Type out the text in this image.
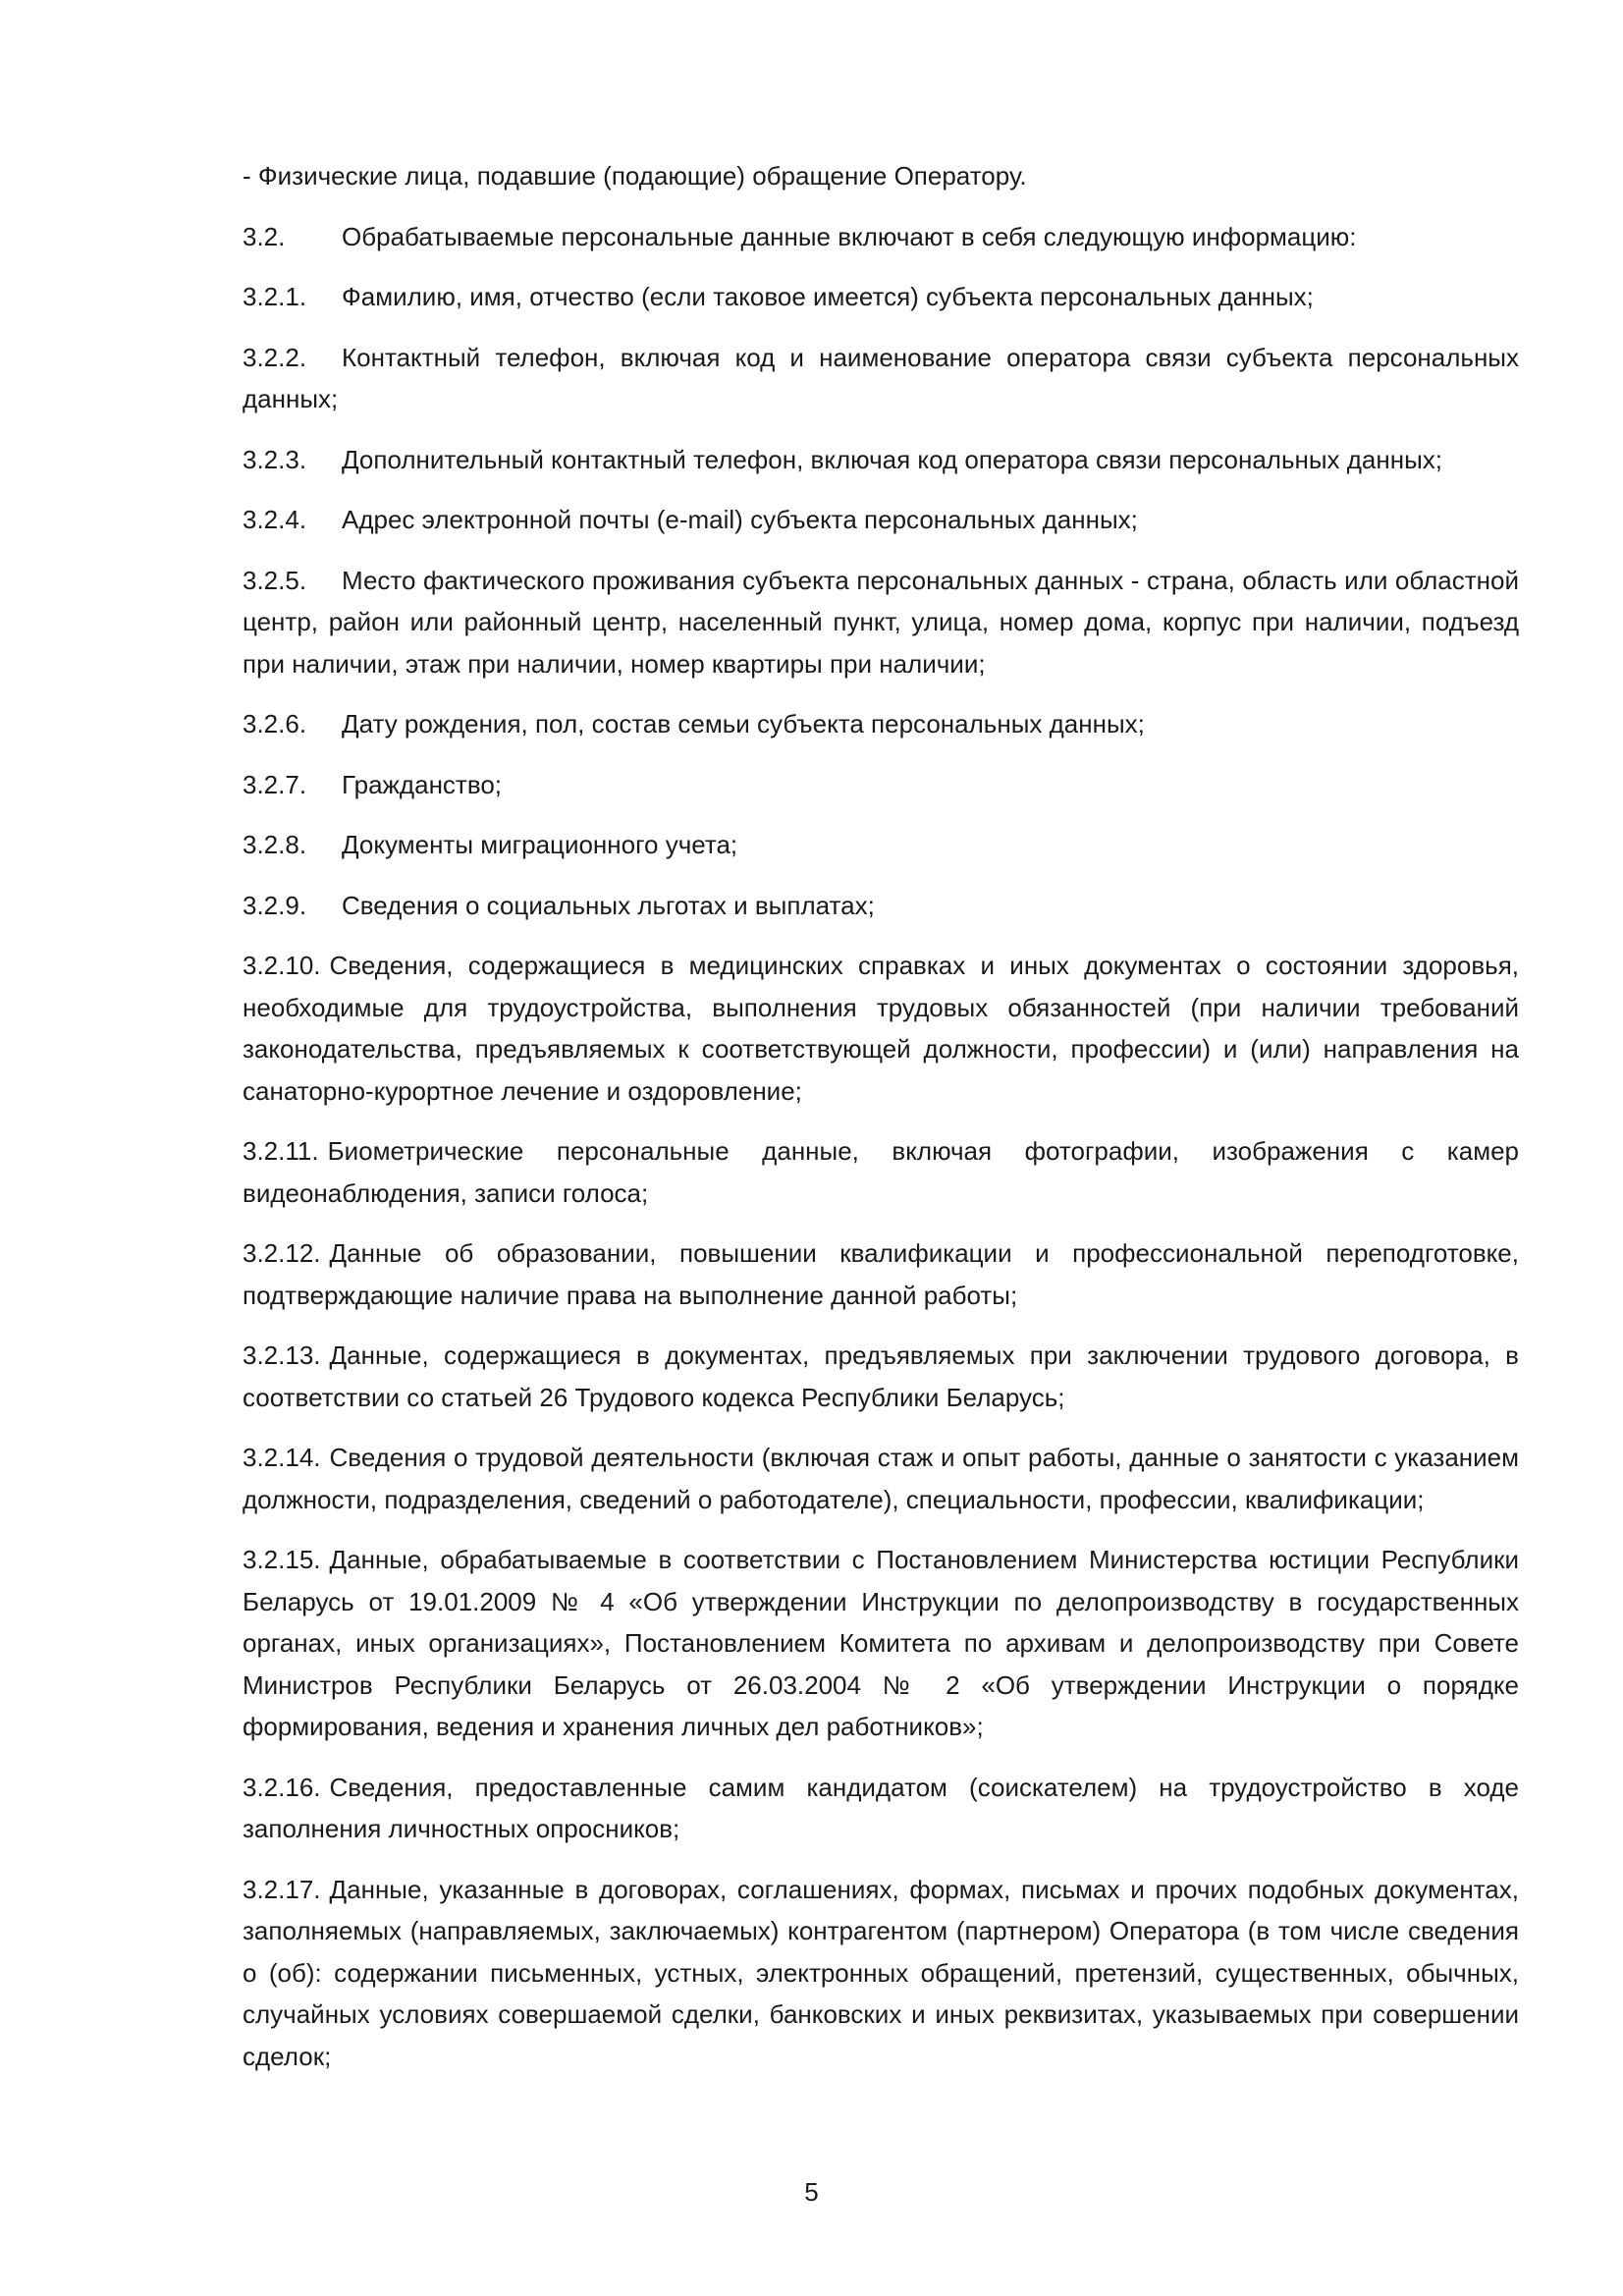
- Физические лица, подавшие (подающие) обращение Оператору.

3.2. Обрабатываемые персональные данные включают в себя следующую информацию:

3.2.1. Фамилию, имя, отчество (если таковое имеется) субъекта персональных данных;

3.2.2. Контактный телефон, включая код и наименование оператора связи субъекта персональных данных;

3.2.3. Дополнительный контактный телефон, включая код оператора связи персональных данных;

3.2.4. Адрес электронной почты (e-mail) субъекта персональных данных;

3.2.5. Место фактического проживания субъекта персональных данных - страна, область или областной центр, район или районный центр, населенный пункт, улица, номер дома, корпус при наличии, подъезд при наличии, этаж при наличии, номер квартиры при наличии;

3.2.6. Дату рождения, пол, состав семьи субъекта персональных данных;

3.2.7. Гражданство;

3.2.8. Документы миграционного учета;

3.2.9. Сведения о социальных льготах и выплатах;

3.2.10. Сведения, содержащиеся в медицинских справках и иных документах о состоянии здоровья, необходимые для трудоустройства, выполнения трудовых обязанностей (при наличии требований законодательства, предъявляемых к соответствующей должности, профессии) и (или) направления на санаторно-курортное лечение и оздоровление;

3.2.11. Биометрические персональные данные, включая фотографии, изображения с камер видеонаблюдения, записи голоса;

3.2.12. Данные об образовании, повышении квалификации и профессиональной переподготовке, подтверждающие наличие права на выполнение данной работы;

3.2.13. Данные, содержащиеся в документах, предъявляемых при заключении трудового договора, в соответствии со статьей 26 Трудового кодекса Республики Беларусь;

3.2.14. Сведения о трудовой деятельности (включая стаж и опыт работы, данные о занятости с указанием должности, подразделения, сведений о работодателе), специальности, профессии, квалификации;

3.2.15. Данные, обрабатываемые в соответствии с Постановлением Министерства юстиции Республики Беларусь от 19.01.2009 № 4 «Об утверждении Инструкции по делопроизводству в государственных органах, иных организациях», Постановлением Комитета по архивам и делопроизводству при Совете Министров Республики Беларусь от 26.03.2004 № 2 «Об утверждении Инструкции о порядке формирования, ведения и хранения личных дел работников»;

3.2.16. Сведения, предоставленные самим кандидатом (соискателем) на трудоустройство в ходе заполнения личностных опросников;

3.2.17. Данные, указанные в договорах, соглашениях, формах, письмах и прочих подобных документах, заполняемых (направляемых, заключаемых) контрагентом (партнером) Оператора (в том числе сведения о (об): содержании письменных, устных, электронных обращений, претензий, существенных, обычных, случайных условиях совершаемой сделки, банковских и иных реквизитах, указываемых при совершении сделок;

5
